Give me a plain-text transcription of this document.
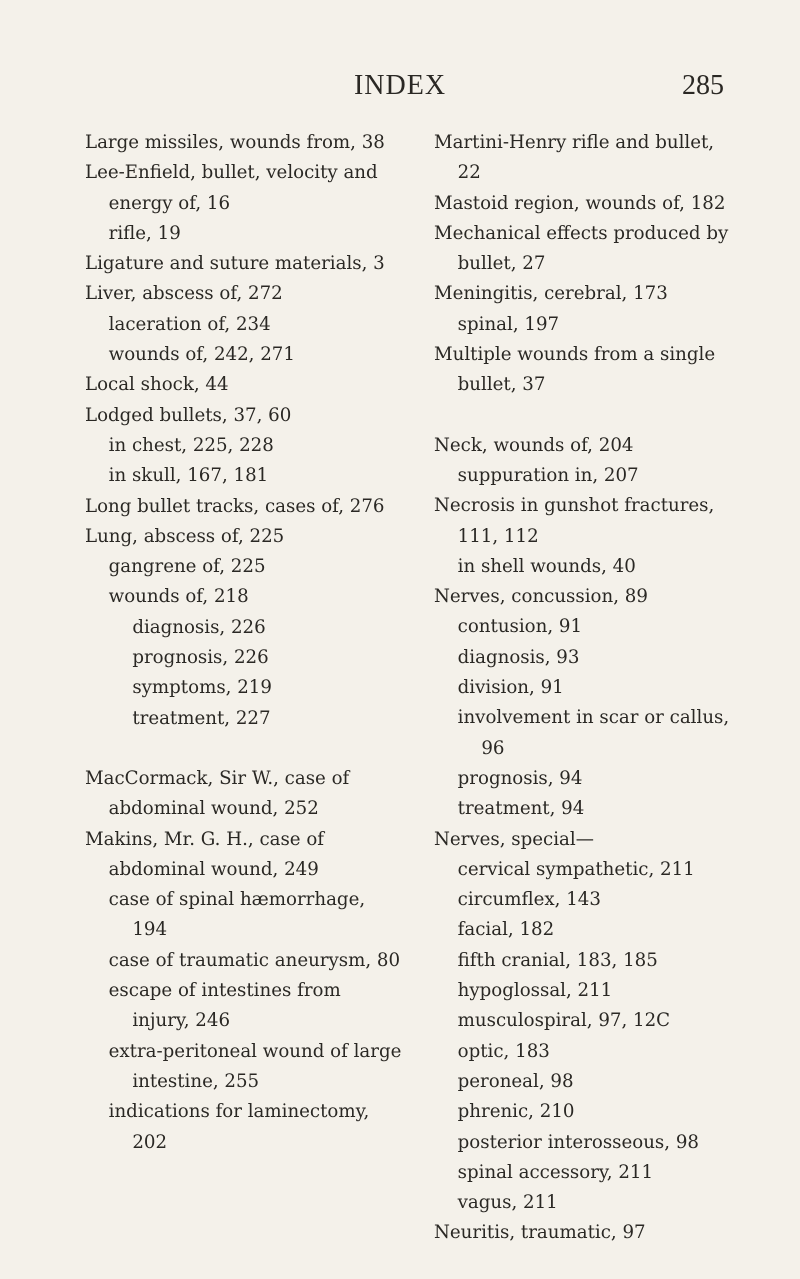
INDEX	285

Large missiles, wounds from, 38

Lee-Enfield, bullet, velocity and energy of, 16

rifle, 19

Ligature and suture materials, 3

Liver, abscess of, 272

laceration of, 234

wounds of, 242, 271

Local shock, 44

Lodged bullets, 37, 60

in chest, 225, 228

in skull, 167, 181

Long bullet tracks, cases of, 276

Lung, abscess of, 225

gangrene of, 225

wounds of, 218

diagnosis, 226

prognosis, 226

symptoms, 219

treatment, 227

MacCormack, Sir W., case of abdominal wound, 252

Makins, Mr. G. H., case of abdominal wound, 249

case of spinal hæmorrhage, 194

case of traumatic aneurysm, 80

escape of intestines from injury, 246

extra-peritoneal wound of large intestine, 255

indications for laminectomy, 202

Martini-Henry rifle and bullet, 22

Mastoid region, wounds of, 182

Mechanical effects produced by bullet, 27

Meningitis, cerebral, 173

spinal, 197

Multiple wounds from a single bullet, 37

Neck, wounds of, 204

suppuration in, 207

Necrosis in gunshot fractures, 111, 112

in shell wounds, 40

Nerves, concussion, 89

contusion, 91

diagnosis, 93

division, 91

involvement in scar or callus, 96

prognosis, 94

treatment, 94

Nerves, special—

cervical sympathetic, 211

circumflex, 143

facial, 182

fifth cranial, 183, 185

hypoglossal, 211

musculospiral, 97, 12C

optic, 183

peroneal, 98

phrenic, 210

posterior interosseous, 98

spinal accessory, 211

vagus, 211

Neuritis, traumatic, 97
